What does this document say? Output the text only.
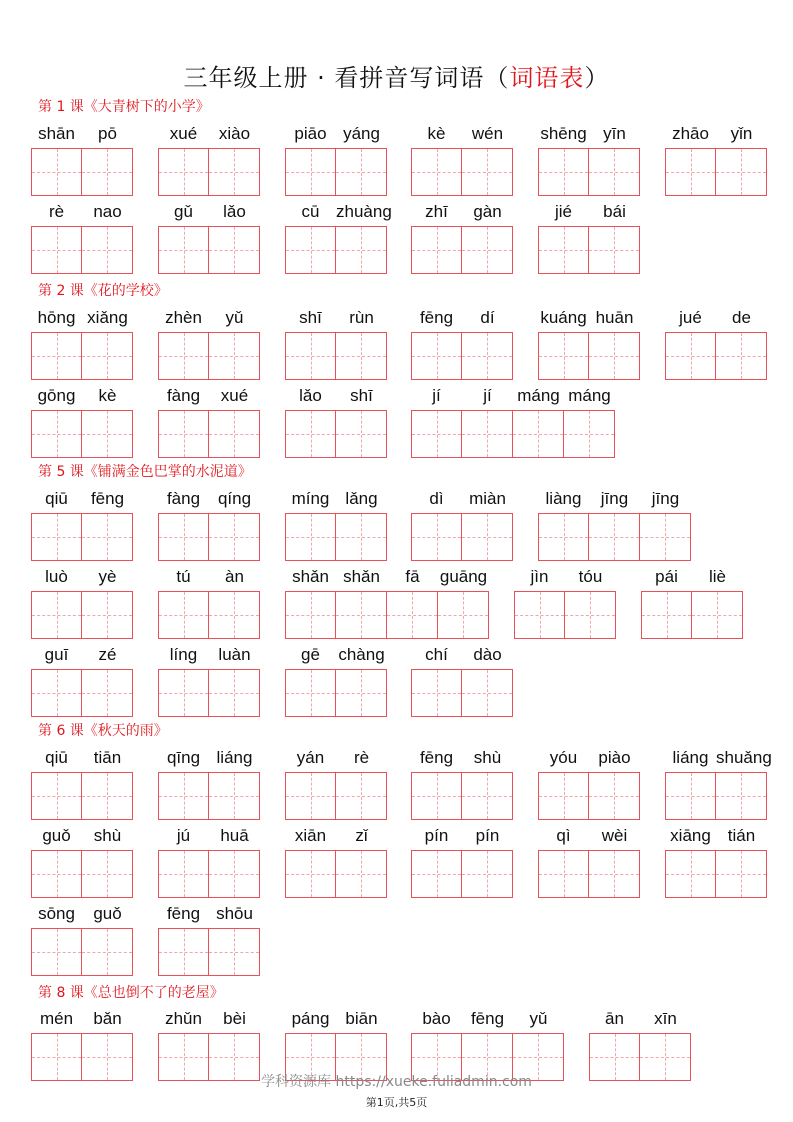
三年级上册 · 看拼音写词语（词语表）
第 1 课《大青树下的小学》
shān	pō	xué	xiào	piāo yáng	kè	wén	shēng yīn	zhāo	yǐn
rè	nao	gǔ	lǎo	cū zhuàng	zhī	gàn	jié	bái
第 2 课《花的学校》
hōng xiǎng	zhèn	yǔ	shī	rùn	fēng	dí	kuáng huān	jué	de
gōng	kè	fàng	xué	lǎo	shī	jí	jí	máng máng
第 5 课《铺满金色巴掌的水泥道》
qiū	fēng	fàng	qíng	míng lǎng	dì	miàn	liàng	jīng	jīng
luò	yè	tú	àn	shǎn shǎn	fā	guāng	jìn	tóu	pái	liè
guī	zé	líng	luàn	gē	chàng	chí	dào
第 6 课《秋天的雨》
qiū	tiān	qīng liáng	yán	rè	fēng	shù	yóu	piào	liáng shuǎng
guǒ	shù	jú	huā	xiān	zǐ	pín	pín	qì	wèi	xiāng tián
sōng	guǒ	fēng shōu
第 8 课《总也倒不了的老屋》
mén	bǎn	zhǔn	bèi	páng biān	bào	fēng	yǔ	ān	xīn
学科资源库 https://xueke.fuliadmin.com
第1页,共5页
